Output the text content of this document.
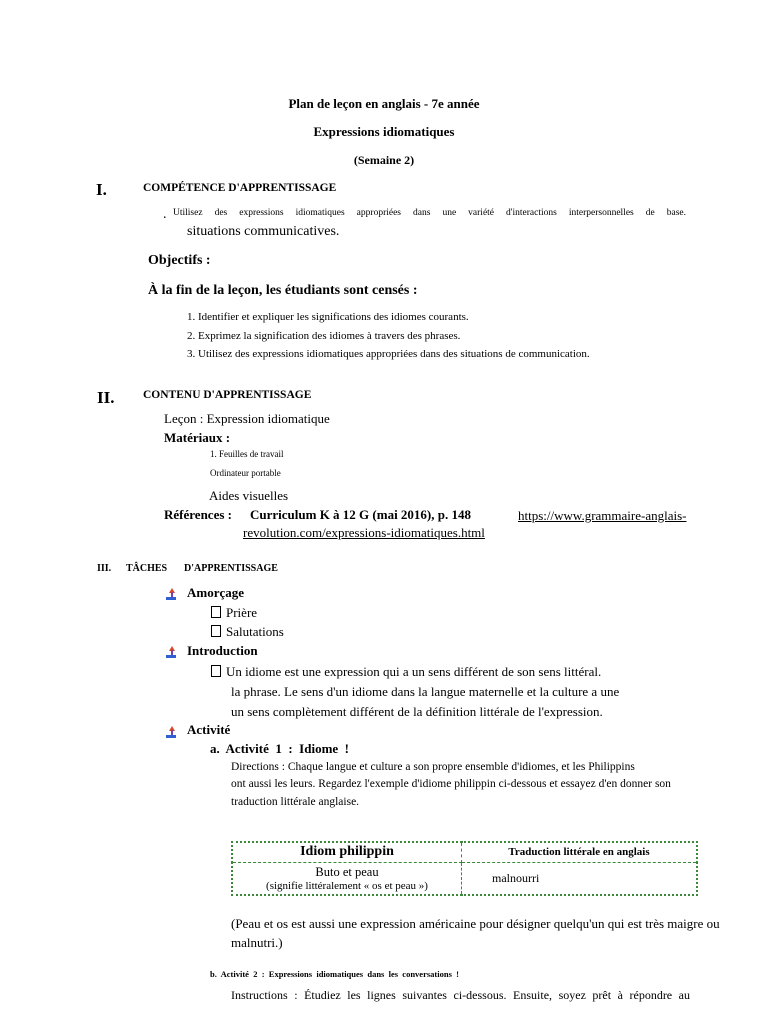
Plan de leçon en anglais - 7e année
Expressions idiomatiques
(Semaine 2)
I.	COMPÉTENCE D'APPRENTISSAGE
. Utilisez des expressions idiomatiques appropriées dans une variété d'interactions interpersonnelles de base.
situations communicatives.
Objectifs :
À la fin de la leçon, les étudiants sont censés :
1. Identifier et expliquer les significations des idiomes courants.
2. Exprimez la signification des idiomes à travers des phrases.
3. Utilisez des expressions idiomatiques appropriées dans des situations de communication.
II. CONTENU D'APPRENTISSAGE
Leçon : Expression idiomatique
Matériaux :
1. Feuilles de travail
Ordinateur portable
Aides visuelles
Références : Curriculum K à 12 G (mai 2016), p. 148	https://www.grammaire-anglais-
revolution.com/expressions-idiomatiques.html
III. TÂCHES D'APPRENTISSAGE
Amorçage
Prière
Salutations
Introduction
Un idiome est une expression qui a un sens différent de son sens littéral.
la phrase. Le sens d'un idiome dans la langue maternelle et la culture a une
un sens complètement différent de la définition littérale de l'expression.
Activité
a.  Activité  1  :  Idiome  !
Directions : Chaque langue et culture a son propre ensemble d'idiomes, et les Philippins
ont aussi les leurs. Regardez l'exemple d'idiome philippin ci-dessous et essayez d'en donner son
traduction littérale anglaise.
Idiom philippin	Traduction littérale en anglais

Buto et peau
(signifie littéralement « os et peau »)	malnourri
(Peau et os est aussi une expression américaine pour désigner quelqu'un qui est très maigre ou
malnutri.)
b.  Activité  2  :  Expressions  idiomatiques  dans  les  conversations  !
Instructions : Étudiez les lignes suivantes ci-dessous. Ensuite, soyez prêt à répondre au
